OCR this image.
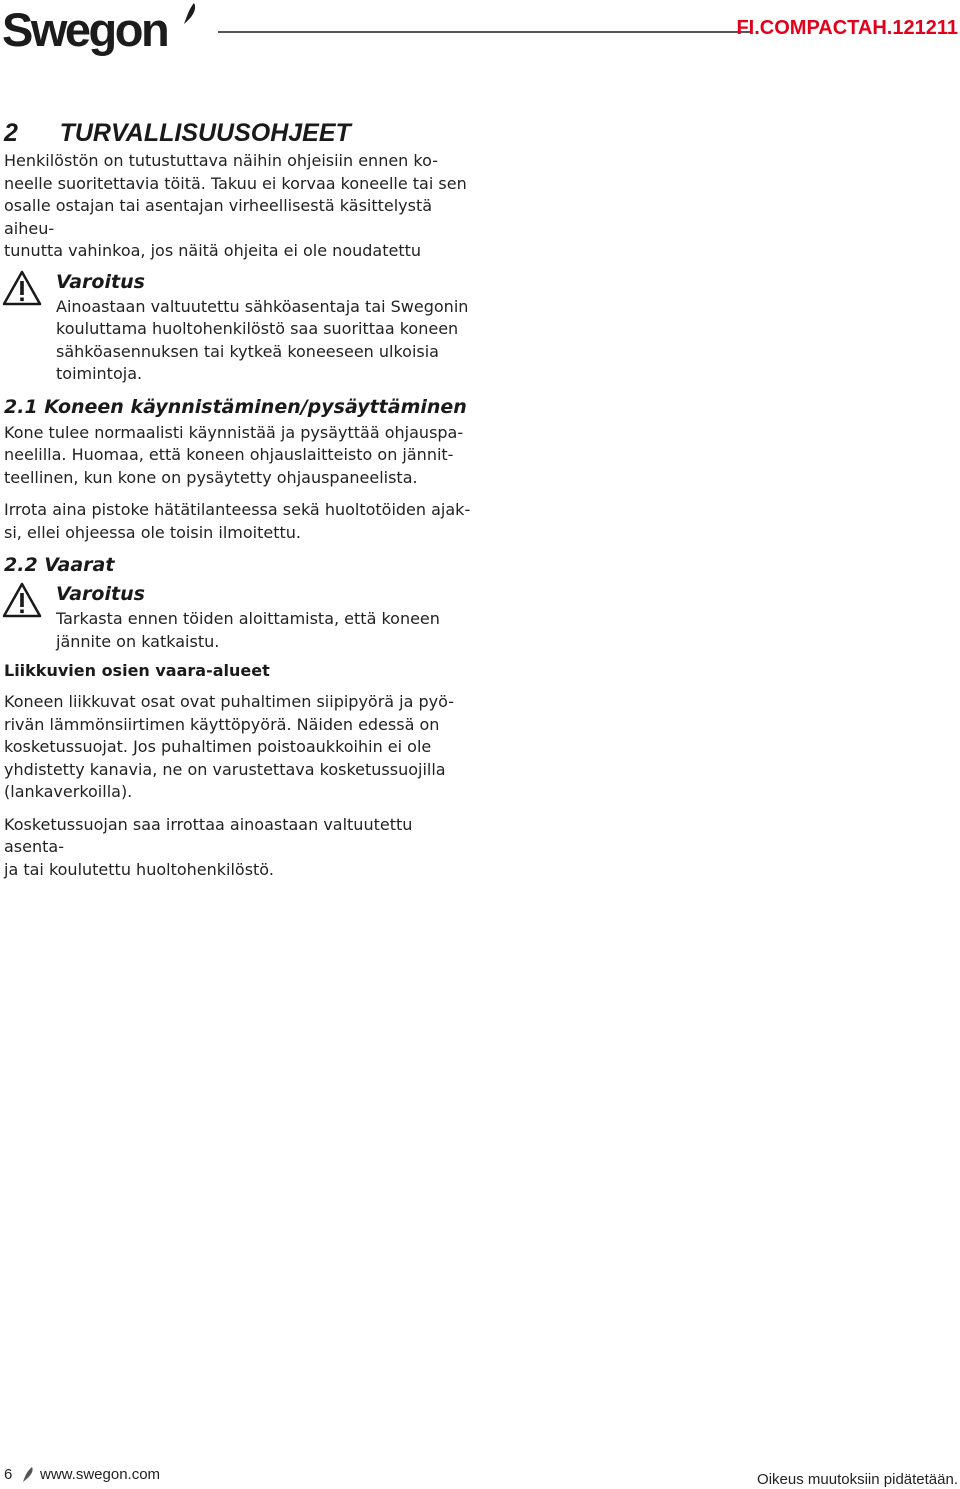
Swegon	FI.COMPACTAH.121211
2	TURVALLISUUSOHJEET
Henkilöstön on tutustuttava näihin ohjeisiin ennen ko-
neelle suoritettavia töitä. Takuu ei korvaa koneelle tai sen
osalle ostajan tai asentajan virheellisestä käsittelystä aiheu-
tunutta vahinkoa, jos näitä ohjeita ei ole noudatettu
Varoitus
Ainoastaan valtuutettu sähköasentaja tai Swegonin
kouluttama huoltohenkilöstö saa suorittaa koneen
sähköasennuksen tai kytkeä koneeseen ulkoisia
toimintoja.
2.1 Koneen käynnistäminen/pysäyttäminen
Kone tulee normaalisti käynnistää ja pysäyttää ohjauspa-
neelilla. Huomaa, että koneen ohjauslaitteisto on jännit-
teellinen, kun kone on pysäytetty ohjauspaneelista.
Irrota aina pistoke hätätilanteessa sekä huoltotöiden ajak-
si, ellei ohjeessa ole toisin ilmoitettu.
2.2 Vaarat
Varoitus
Tarkasta ennen töiden aloittamista, että koneen
jännite on katkaistu.
Liikkuvien osien vaara-alueet
Koneen liikkuvat osat ovat puhaltimen siipipyörä ja pyö-
rivän lämmönsiirtimen käyttöpyörä. Näiden edessä on
kosketussuojat. Jos puhaltimen poistoaukkoihin ei ole
yhdistetty kanavia, ne on varustettava kosketussuojilla
(lankaverkoilla).
Kosketussuojan saa irrottaa ainoastaan valtuutettu asenta-
ja tai koulutettu huoltohenkilöstö.
6 www.swegon.com	Oikeus muutoksiin pidätetään.
